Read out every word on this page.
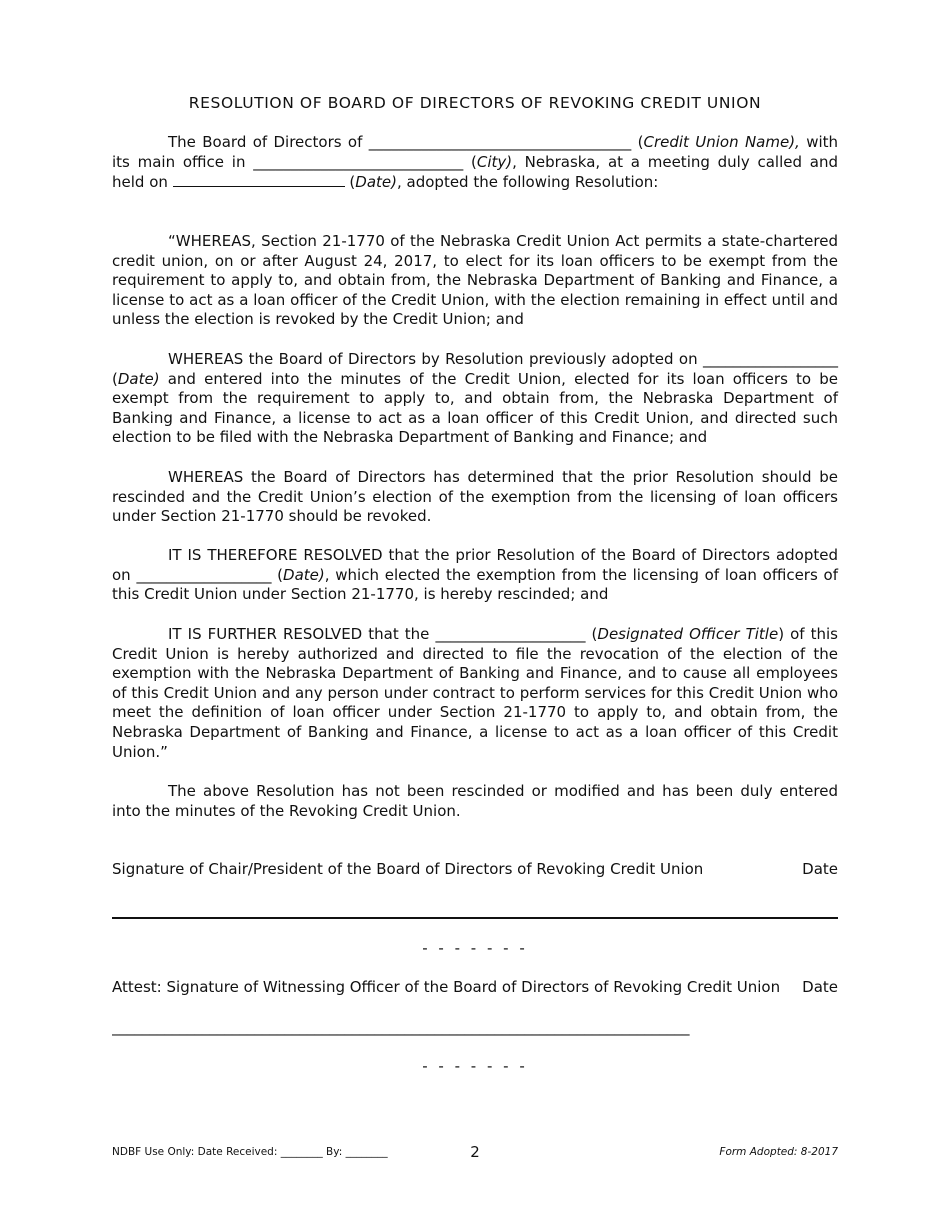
RESOLUTION OF BOARD OF DIRECTORS OF REVOKING CREDIT UNION

The Board of Directors of ___________________________________ (Credit Union Name), with its main office in ____________________________ (City), Nebraska, at a meeting duly called and held on	(Date), adopted the following Resolution:

“WHEREAS, Section 21-1770 of the Nebraska Credit Union Act permits a state-chartered credit union, on or after August 24, 2017, to elect for its loan officers to be exempt from the requirement to apply to, and obtain from, the Nebraska Department of Banking and Finance, a license to act as a loan officer of the Credit Union, with the election remaining in effect until and unless the election is revoked by the Credit Union; and

WHEREAS the Board of Directors by Resolution previously adopted on __________________ (Date) and entered into the minutes of the Credit Union, elected for its loan officers to be exempt from the requirement to apply to, and obtain from, the Nebraska Department of Banking and Finance, a license to act as a loan officer of this Credit Union, and directed such election to be filed with the Nebraska Department of Banking and Finance; and

WHEREAS the Board of Directors has determined that the prior Resolution should be rescinded and the Credit Union’s election of the exemption from the licensing of loan officers under Section 21-1770 should be revoked.

IT IS THEREFORE RESOLVED that the prior Resolution of the Board of Directors adopted on __________________ (Date), which elected the exemption from the licensing of loan officers of this Credit Union under Section 21-1770, is hereby rescinded; and

IT IS FURTHER RESOLVED that the ____________________ (Designated Officer Title) of this Credit Union is hereby authorized and directed to file the revocation of the election of the exemption with the Nebraska Department of Banking and Finance, and to cause all employees of this Credit Union and any person under contract to perform services for this Credit Union who meet the definition of loan officer under Section 21-1770 to apply to, and obtain from, the Nebraska Department of Banking and Finance, a license to act as a loan officer of this Credit Union.”

The above Resolution has not been rescinded or modified and has been duly entered into the minutes of the Revoking Credit Union.

Signature of Chair/President of the Board of Directors of Revoking Credit Union	Date
- - - - - - -
Attest: Signature of Witnessing Officer of the Board of Directors of Revoking Credit Union Date
_____________________________________________________________________________
- - - - - - -
NDBF Use Only: Date Received: ________ By: ________	2	Form Adopted: 8-2017
